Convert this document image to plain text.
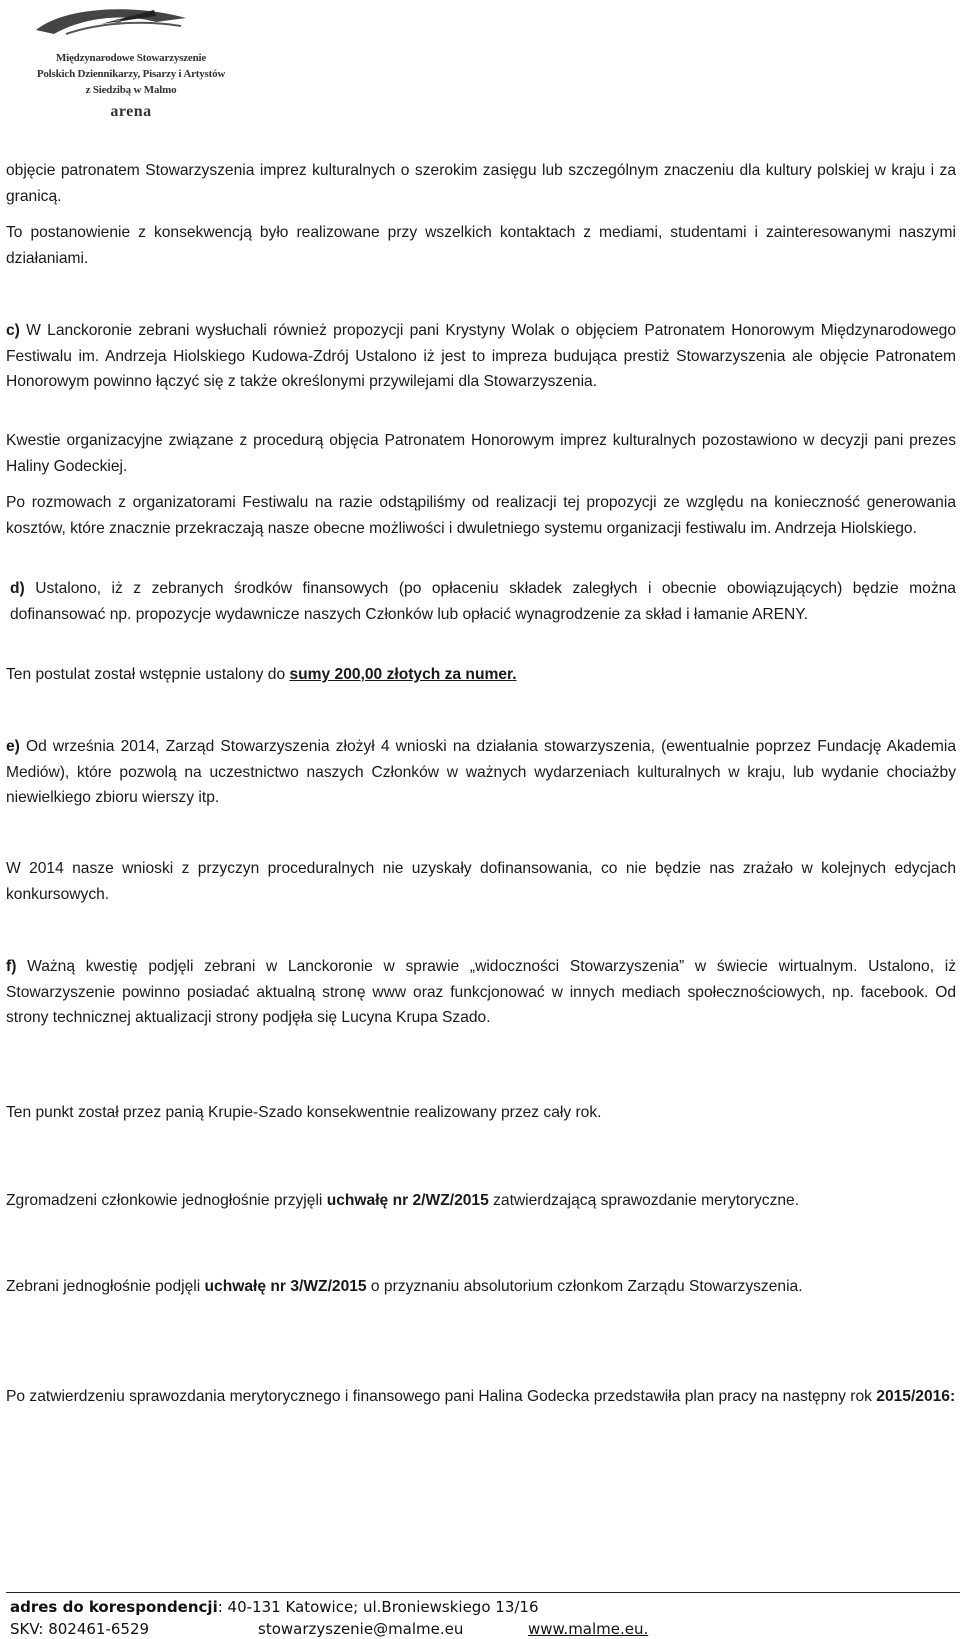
Międzynarodowe Stowarzyszenie
Polskich Dziennikarzy, Pisarzy i Artystów
z Siedzibą w Malmo
arena

objęcie patronatem Stowarzyszenia imprez kulturalnych o szerokim zasięgu lub szczególnym znaczeniu dla kultury polskiej w kraju i za granicą.

To postanowienie z konsekwencją było realizowane przy wszelkich kontaktach z mediami, studentami i zainteresowanymi naszymi działaniami.

c) W Lanckoronie zebrani wysłuchali również propozycji pani Krystyny Wolak o objęciem Patronatem Honorowym Międzynarodowego Festiwalu im. Andrzeja Hiolskiego Kudowa-Zdrój Ustalono iż jest to impreza budująca prestiż Stowarzyszenia ale objęcie Patronatem Honorowym powinno łączyć się z także określonymi przywilejami dla Stowarzyszenia.

Kwestie organizacyjne związane z procedurą objęcia Patronatem Honorowym imprez kulturalnych pozostawiono w decyzji pani prezes Haliny Godeckiej.

Po rozmowach z organizatorami Festiwalu na razie odstąpiliśmy od realizacji tej propozycji ze względu na konieczność generowania kosztów, które znacznie przekraczają nasze obecne możliwości i dwuletniego systemu organizacji festiwalu im. Andrzeja Hiolskiego.

d) Ustalono, iż z zebranych środków finansowych (po opłaceniu składek zaległych i obecnie obowiązujących) będzie można dofinansować np. propozycje wydawnicze naszych Członków lub opłacić wynagrodzenie za skład i łamanie ARENY.

Ten postulat został wstępnie ustalony do sumy 200,00 złotych za numer.

e) Od września 2014, Zarząd Stowarzyszenia złożył 4 wnioski na działania stowarzyszenia, (ewentualnie poprzez Fundację Akademia Mediów), które pozwolą na uczestnictwo naszych Członków w ważnych wydarzeniach kulturalnych w kraju, lub wydanie chociażby niewielkiego zbioru wierszy itp.

W 2014 nasze wnioski z przyczyn proceduralnych nie uzyskały dofinansowania, co nie będzie nas zrażało w kolejnych edycjach konkursowych.

f) Ważną kwestię podjęli zebrani w Lanckoronie w sprawie „widoczności Stowarzyszenia” w świecie wirtualnym. Ustalono, iż Stowarzyszenie powinno posiadać aktualną stronę www oraz funkcjonować w innych mediach społecznościowych, np. facebook. Od strony technicznej aktualizacji strony podjęła się Lucyna Krupa Szado.

Ten punkt został przez panią Krupie-Szado konsekwentnie realizowany przez cały rok.

Zgromadzeni członkowie jednogłośnie przyjęli uchwałę nr 2/WZ/2015 zatwierdzającą sprawozdanie merytoryczne.

Zebrani jednogłośnie podjęli uchwałę nr 3/WZ/2015 o przyznaniu absolutorium członkom Zarządu Stowarzyszenia.

Po zatwierdzeniu sprawozdania merytorycznego i finansowego pani Halina Godecka przedstawiła plan pracy na następny rok 2015/2016:

adres do korespondencji: 40-131 Katowice; ul.Broniewskiego 13/16
SKV: 802461-6529	stowarzyszenie@malme.eu	www.malme.eu.
